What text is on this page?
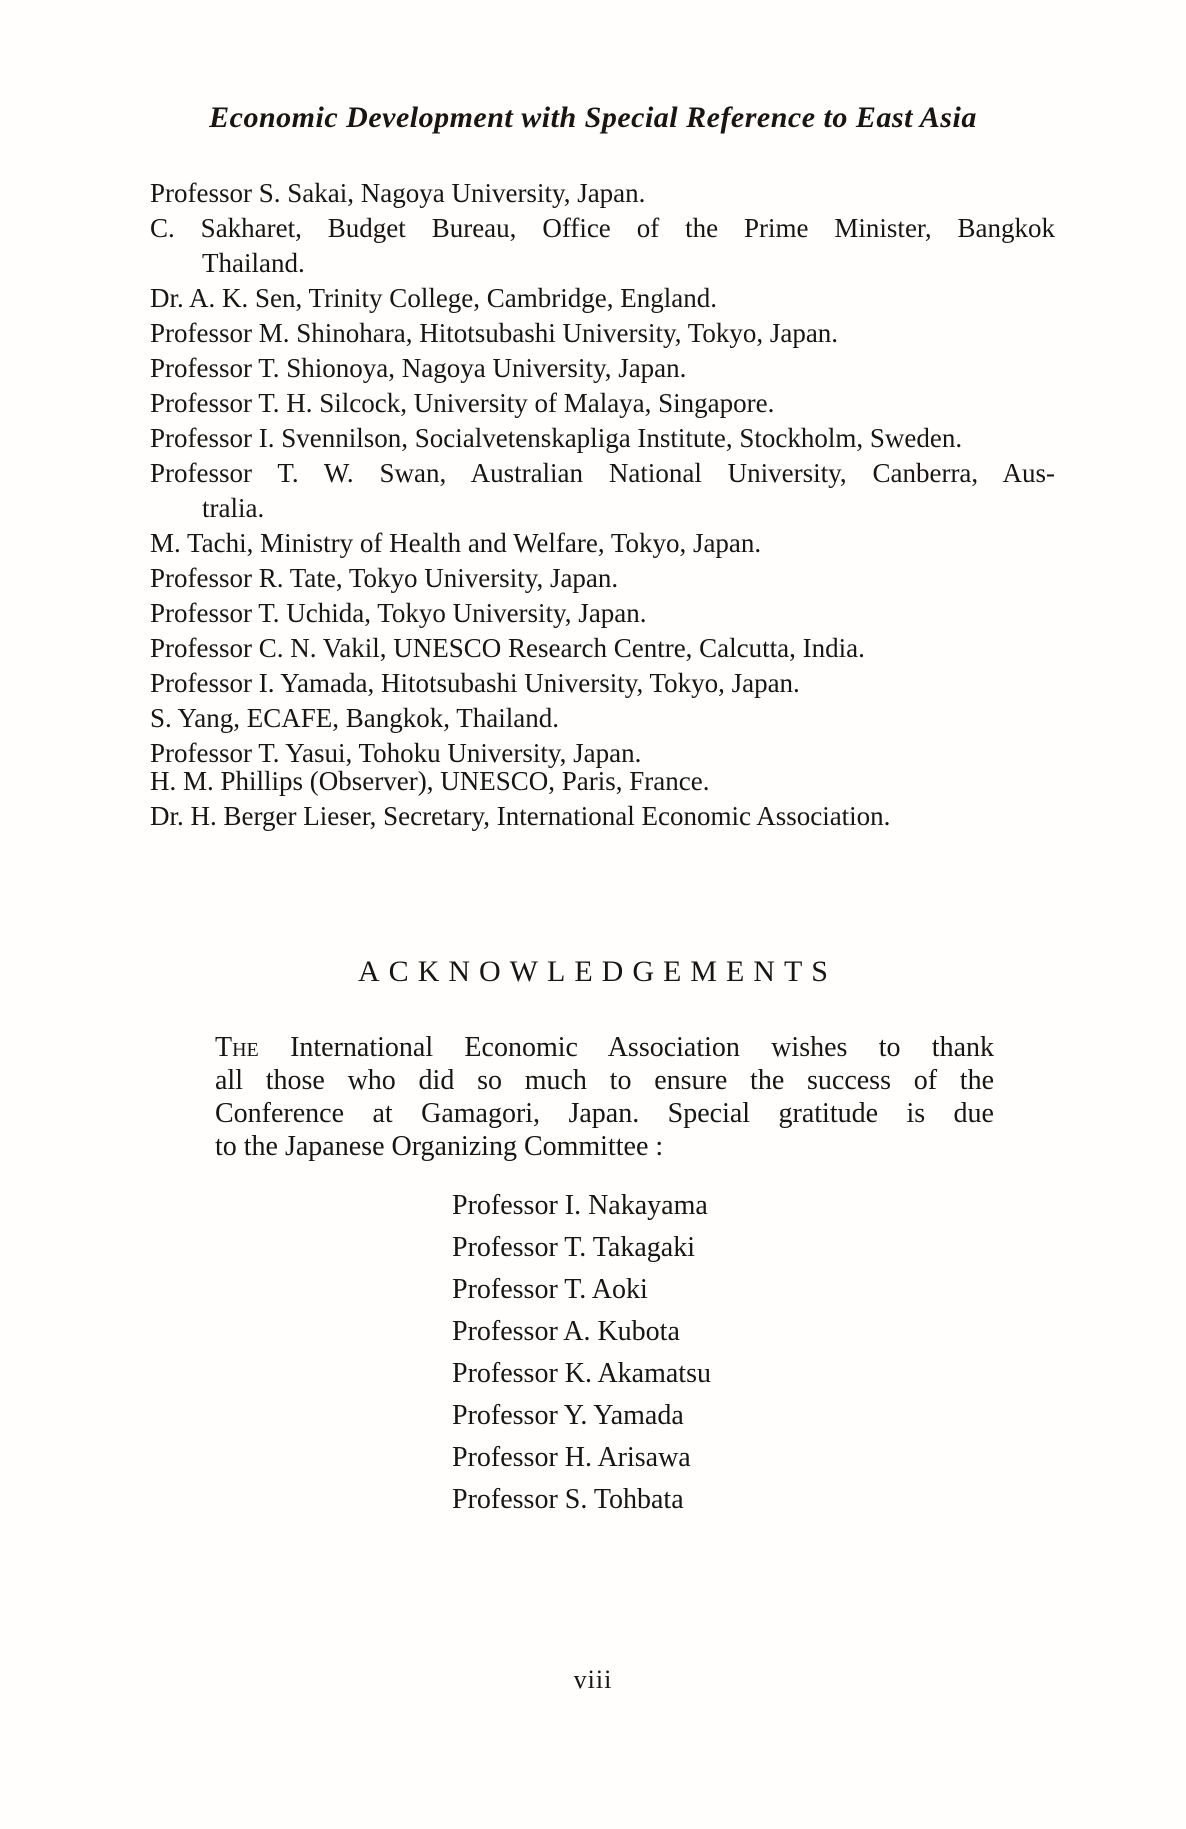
Economic Development with Special Reference to East Asia
Professor S. Sakai, Nagoya University, Japan.
C. Sakharet, Budget Bureau, Office of the Prime Minister, Bangkok
Thailand.
Dr. A. K. Sen, Trinity College, Cambridge, England.
Professor M. Shinohara, Hitotsubashi University, Tokyo, Japan.
Professor T. Shionoya, Nagoya University, Japan.
Professor T. H. Silcock, University of Malaya, Singapore.
Professor I. Svennilson, Socialvetenskapliga Institute, Stockholm, Sweden.
Professor T. W. Swan, Australian National University, Canberra, Aus-
tralia.
M. Tachi, Ministry of Health and Welfare, Tokyo, Japan.
Professor R. Tate, Tokyo University, Japan.
Professor T. Uchida, Tokyo University, Japan.
Professor C. N. Vakil, UNESCO Research Centre, Calcutta, India.
Professor I. Yamada, Hitotsubashi University, Tokyo, Japan.
S. Yang, ECAFE, Bangkok, Thailand.
Professor T. Yasui, Tohoku University, Japan.
H. M. Phillips (Observer), UNESCO, Paris, France.
Dr. H. Berger Lieser, Secretary, International Economic Association.
ACKNOWLEDGEMENTS
The International Economic Association wishes to thank
all those who did so much to ensure the success of the
Conference at Gamagori, Japan. Special gratitude is due
to the Japanese Organizing Committee :
Professor I. Nakayama
Professor T. Takagaki
Professor T. Aoki
Professor A. Kubota
Professor K. Akamatsu
Professor Y. Yamada
Professor H. Arisawa
Professor S. Tohbata
viii
